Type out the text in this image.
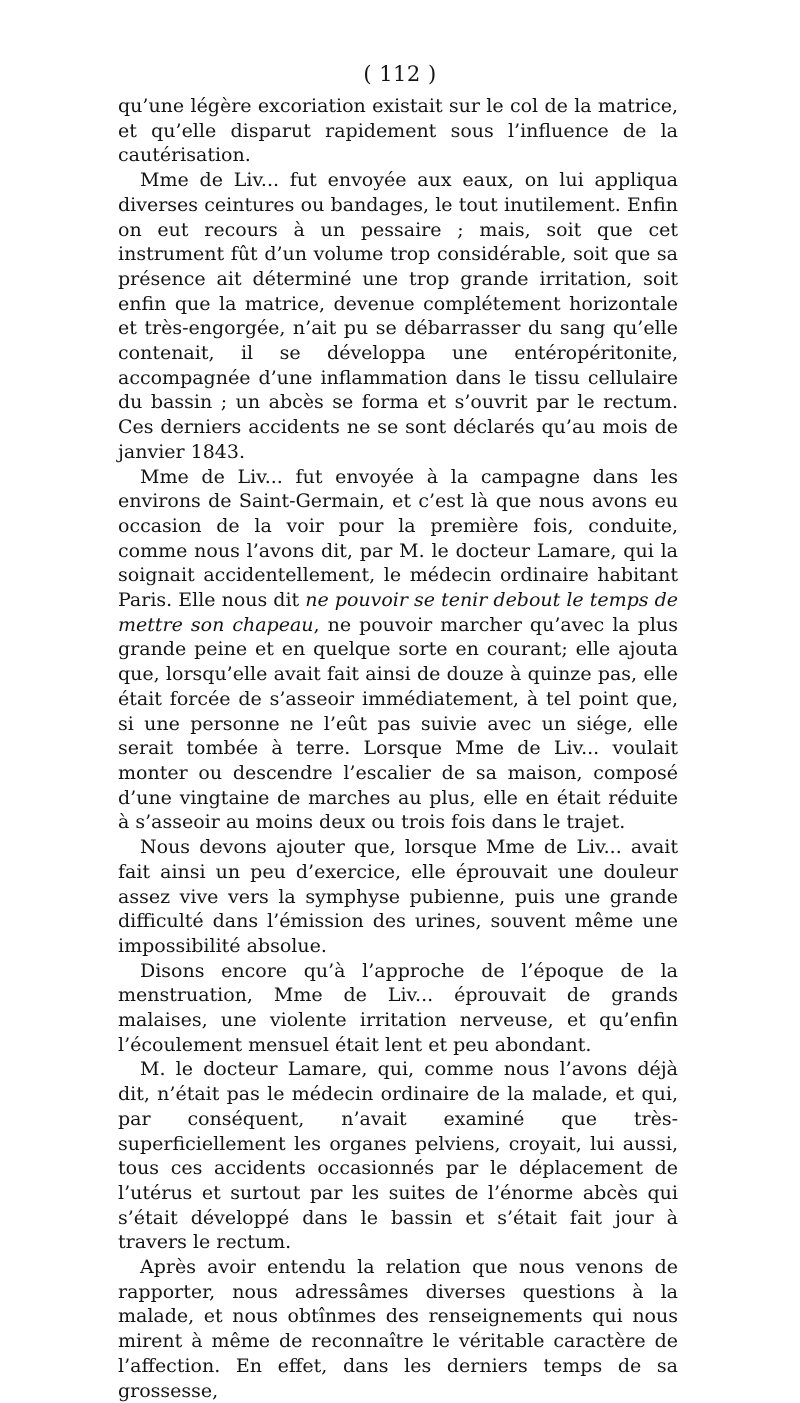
( 112 )

qu’une légère excoriation existait sur le col de la matrice, et qu’elle disparut rapidement sous l’influence de la cautérisation.

Mme de Liv... fut envoyée aux eaux, on lui appliqua diverses ceintures ou bandages, le tout inutilement. Enfin on eut recours à un pessaire ; mais, soit que cet instrument fût d’un volume trop considérable, soit que sa présence ait déterminé une trop grande irritation, soit enfin que la matrice, devenue complétement horizontale et très-engorgée, n’ait pu se débarrasser du sang qu’elle contenait, il se développa une entéropéritonite, accompagnée d’une inflammation dans le tissu cellulaire du bassin ; un abcès se forma et s’ouvrit par le rectum. Ces derniers accidents ne se sont déclarés qu’au mois de janvier 1843.

Mme de Liv... fut envoyée à la campagne dans les environs de Saint-Germain, et c’est là que nous avons eu occasion de la voir pour la première fois, conduite, comme nous l’avons dit, par M. le docteur Lamare, qui la soignait accidentellement, le médecin ordinaire habitant Paris. Elle nous dit ne pouvoir se tenir debout le temps de mettre son chapeau, ne pouvoir marcher qu’avec la plus grande peine et en quelque sorte en courant; elle ajouta que, lorsqu’elle avait fait ainsi de douze à quinze pas, elle était forcée de s’asseoir immédiatement, à tel point que, si une personne ne l’eût pas suivie avec un siége, elle serait tombée à terre. Lorsque Mme de Liv... voulait monter ou descendre l’escalier de sa maison, composé d’une vingtaine de marches au plus, elle en était réduite à s’asseoir au moins deux ou trois fois dans le trajet.

Nous devons ajouter que, lorsque Mme de Liv... avait fait ainsi un peu d’exercice, elle éprouvait une douleur assez vive vers la symphyse pubienne, puis une grande difficulté dans l’émission des urines, souvent même une impossibilité absolue.

Disons encore qu’à l’approche de l’époque de la menstruation, Mme de Liv... éprouvait de grands malaises, une violente irritation nerveuse, et qu’enfin l’écoulement mensuel était lent et peu abondant.

M. le docteur Lamare, qui, comme nous l’avons déjà dit, n’était pas le médecin ordinaire de la malade, et qui, par conséquent, n’avait examiné que très-superficiellement les organes pelviens, croyait, lui aussi, tous ces accidents occasionnés par le déplacement de l’utérus et surtout par les suites de l’énorme abcès qui s’était développé dans le bassin et s’était fait jour à travers le rectum.

Après avoir entendu la relation que nous venons de rapporter, nous adressâmes diverses questions à la malade, et nous obtînmes des renseignements qui nous mirent à même de reconnaître le véritable caractère de l’affection. En effet, dans les derniers temps de sa grossesse,
